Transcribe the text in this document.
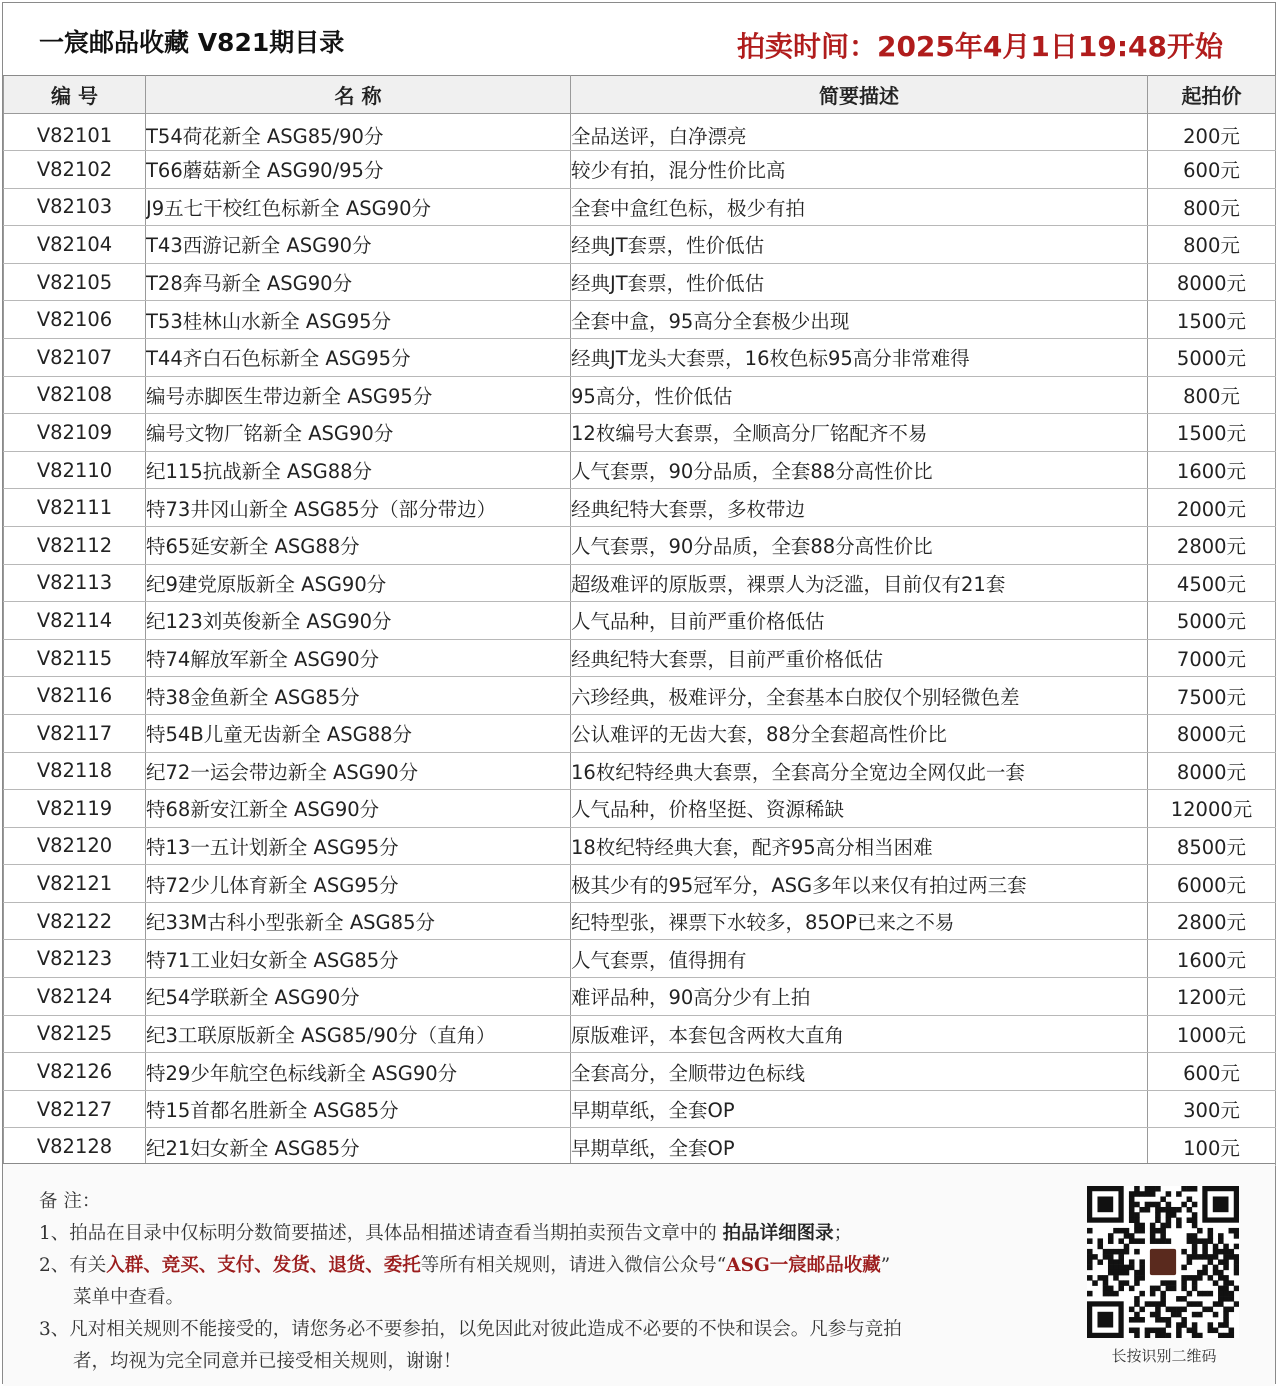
一宸邮品收藏 V821期目录	拍卖时间：2025年4月1日19:48开始
编 号	名 称	简要描述	起拍价
V82101	T54荷花新全 ASG85/90分	全品送评，白净漂亮	200元
V82102	T66蘑菇新全 ASG90/95分	较少有拍，混分性价比高	600元
V82103	J9五七干校红色标新全 ASG90分	全套中盒红色标，极少有拍	800元
V82104	T43西游记新全 ASG90分	经典JT套票，性价低估	800元
V82105	T28奔马新全 ASG90分	经典JT套票，性价低估	8000元
V82106	T53桂林山水新全 ASG95分	全套中盒，95高分全套极少出现	1500元
V82107	T44齐白石色标新全 ASG95分	经典JT龙头大套票，16枚色标95高分非常难得	5000元
V82108	编号赤脚医生带边新全 ASG95分	95高分，性价低估	800元
V82109	编号文物厂铭新全 ASG90分	12枚编号大套票，全顺高分厂铭配齐不易	1500元
V82110	纪115抗战新全 ASG88分	人气套票，90分品质，全套88分高性价比	1600元
V82111	特73井冈山新全 ASG85分（部分带边）	经典纪特大套票，多枚带边	2000元
V82112	特65延安新全 ASG88分	人气套票，90分品质，全套88分高性价比	2800元
V82113	纪9建党原版新全 ASG90分	超级难评的原版票，裸票人为泛滥，目前仅有21套	4500元
V82114	纪123刘英俊新全 ASG90分	人气品种，目前严重价格低估	5000元
V82115	特74解放军新全 ASG90分	经典纪特大套票，目前严重价格低估	7000元
V82116	特38金鱼新全 ASG85分	六珍经典，极难评分，全套基本白胶仅个别轻微色差	7500元
V82117	特54B儿童无齿新全 ASG88分	公认难评的无齿大套，88分全套超高性价比	8000元
V82118	纪72一运会带边新全 ASG90分	16枚纪特经典大套票，全套高分全宽边全网仅此一套	8000元
V82119	特68新安江新全 ASG90分	人气品种，价格坚挺、资源稀缺	12000元
V82120	特13一五计划新全 ASG95分	18枚纪特经典大套，配齐95高分相当困难	8500元
V82121	特72少儿体育新全 ASG95分	极其少有的95冠军分，ASG多年以来仅有拍过两三套	6000元
V82122	纪33M古科小型张新全 ASG85分	纪特型张，裸票下水较多，85OP已来之不易	2800元
V82123	特71工业妇女新全 ASG85分	人气套票，值得拥有	1600元
V82124	纪54学联新全 ASG90分	难评品种，90高分少有上拍	1200元
V82125	纪3工联原版新全 ASG85/90分（直角）	原版难评，本套包含两枚大直角	1000元
V82126	特29少年航空色标线新全 ASG90分	全套高分，全顺带边色标线	600元
V82127	特15首都名胜新全 ASG85分	早期草纸，全套OP	300元
V82128	纪21妇女新全 ASG85分	早期草纸，全套OP	100元

备 注：

1、拍品在目录中仅标明分数简要描述，具体品相描述请查看当期拍卖预告文章中的 拍品详细图录；

2、有关入群、竞买、支付、发货、退货、委托等所有相关规则，请进入微信公众号“ASG一宸邮品收藏”

菜单中查看。

3、凡对相关规则不能接受的，请您务必不要参拍，以免因此对彼此造成不必要的不快和误会。凡参与竞拍

者，均视为完全同意并已接受相关规则，谢谢！	长按识别二维码
